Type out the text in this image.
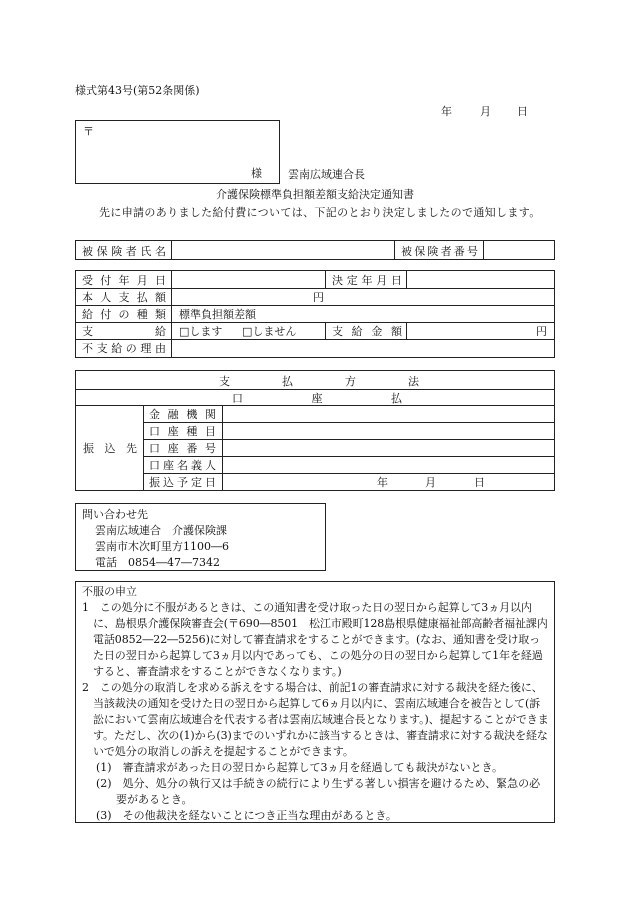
様式第43号(第52条関係)
年	月 日
〒
様 雲南広域連合長
介護保険標準負担額差額支給決定通知書
先に申請のありました給付費については、下記のとおり決定しましたので通知します。
被保険者氏名	被保険者番号
受付年月日	決定年月日
本人支払額	円
給付の種類 標準負担額差額
支給 □します □しません	支給金額	円
不支給の理由
支払方法
口座払
振込先
金融機関
口座種目
口座番号
口座名義人
振込予定日	年	月	日
問い合わせ先
雲南広域連合　介護保険課
雲南市木次町里方1100―6
電話　0854―47―7342
不服の申立

1　この処分に不服があるときは、この通知書を受け取った日の翌日から起算して3ヵ月以内に、島根県介護保険審査会(〒690―8501　松江市殿町128島根県健康福祉部高齢者福祉課内　電話0852―22―5256)に対して審査請求をすることができます。(なお、通知書を受け取った日の翌日から起算して3ヵ月以内であっても、この処分の日の翌日から起算して1年を経過すると、審査請求をすることができなくなります。)

2　この処分の取消しを求める訴えをする場合は、前記1の審査請求に対する裁決を経た後に、当該裁決の通知を受けた日の翌日から起算して6ヵ月以内に、雲南広域連合を被告として(訴訟において雲南広域連合を代表する者は雲南広域連合長となります。)、提起することができます。ただし、次の(1)から(3)までのいずれかに該当するときは、審査請求に対する裁決を経ないで処分の取消しの訴えを提起することができます。

(1)　 審査請求があった日の翌日から起算して3ヵ月を経過しても裁決がないとき。
(2)　 処分、処分の執行又は手続きの続行により生ずる著しい損害を避けるため、緊急の必要があるとき。
(3)　 その他裁決を経ないことにつき正当な理由があるとき。
